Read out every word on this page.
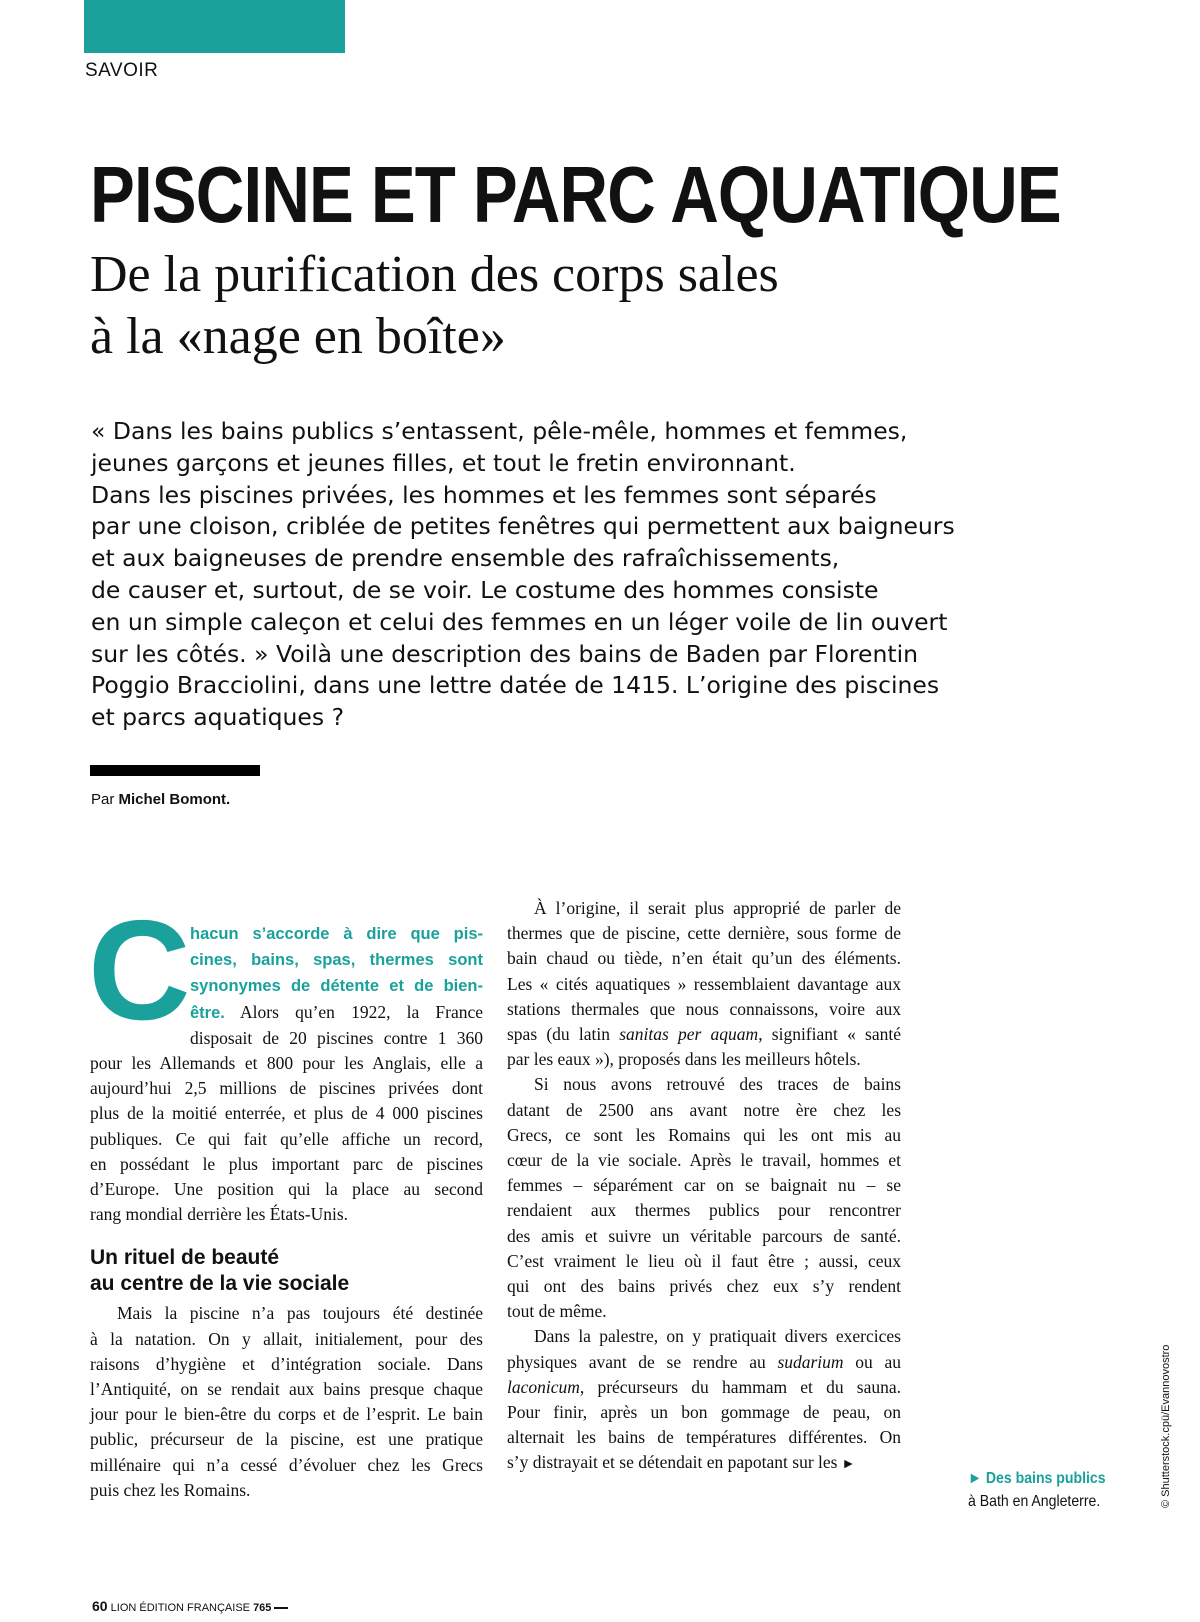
SAVOIR
PISCINE ET PARC AQUATIQUE
De la purification des corps sales
à la «nage en boîte»
« Dans les bains publics s’entassent, pêle-mêle, hommes et femmes,
jeunes garçons et jeunes filles, et tout le fretin environnant.
Dans les piscines privées, les hommes et les femmes sont séparés
par une cloison, criblée de petites fenêtres qui permettent aux baigneurs
et aux baigneuses de prendre ensemble des rafraîchissements,
de causer et, surtout, de se voir. Le costume des hommes consiste
en un simple caleçon et celui des femmes en un léger voile de lin ouvert
sur les côtés. » Voilà une description des bains de Baden par Florentin
Poggio Bracciolini, dans une lettre datée de 1415. L’origine des piscines
et parcs aquatiques ?
Par Michel Bomont.
C hacun s’accorde à dire que pis-
cines, bains, spas, thermes sont
synonymes de détente et de bien-
être. Alors qu’en 1922, la France
disposait de 20 piscines contre 1 360
pour les Allemands et 800 pour les Anglais, elle a
aujourd’hui 2,5 millions de piscines privées dont
plus de la moitié enterrée, et plus de 4 000 piscines
publiques. Ce qui fait qu’elle affiche un record,
en possédant le plus important parc de piscines
d’Europe. Une position qui la place au second
rang mondial derrière les États-Unis.
Un rituel de beauté
au centre de la vie sociale
Mais la piscine n’a pas toujours été destinée
à la natation. On y allait, initialement, pour des
raisons d’hygiène et d’intégration sociale. Dans
l’Antiquité, on se rendait aux bains presque chaque
jour pour le bien-être du corps et de l’esprit. Le bain
public, précurseur de la piscine, est une pratique
millénaire qui n’a cessé d’évoluer chez les Grecs
puis chez les Romains.
À l’origine, il serait plus approprié de parler de
thermes que de piscine, cette dernière, sous forme de
bain chaud ou tiède, n’en était qu’un des éléments.
Les « cités aquatiques » ressemblaient davantage aux
stations thermales que nous connaissons, voire aux
spas (du latin sanitas per aquam, signifiant « santé
par les eaux »), proposés dans les meilleurs hôtels.
Si nous avons retrouvé des traces de bains
datant de 2500 ans avant notre ère chez les
Grecs, ce sont les Romains qui les ont mis au
cœur de la vie sociale. Après le travail, hommes et
femmes – séparément car on se baignait nu – se
rendaient aux thermes publics pour rencontrer
des amis et suivre un véritable parcours de santé.
C’est vraiment le lieu où il faut être ; aussi, ceux
qui ont des bains privés chez eux s’y rendent
tout de même.
Dans la palestre, on y pratiquait divers exercices
physiques avant de se rendre au sudarium ou au
laconicum, précurseurs du hammam et du sauna.
Pour finir, après un bon gommage de peau, on
alternait les bains de températures différentes. On
s’y distrayait et se détendait en papotant sur les ►
► Des bains publics
à Bath en Angleterre.	© Shutterstock.cpü/Evannovostro
60 LION ÉDITION FRANÇAISE 765
